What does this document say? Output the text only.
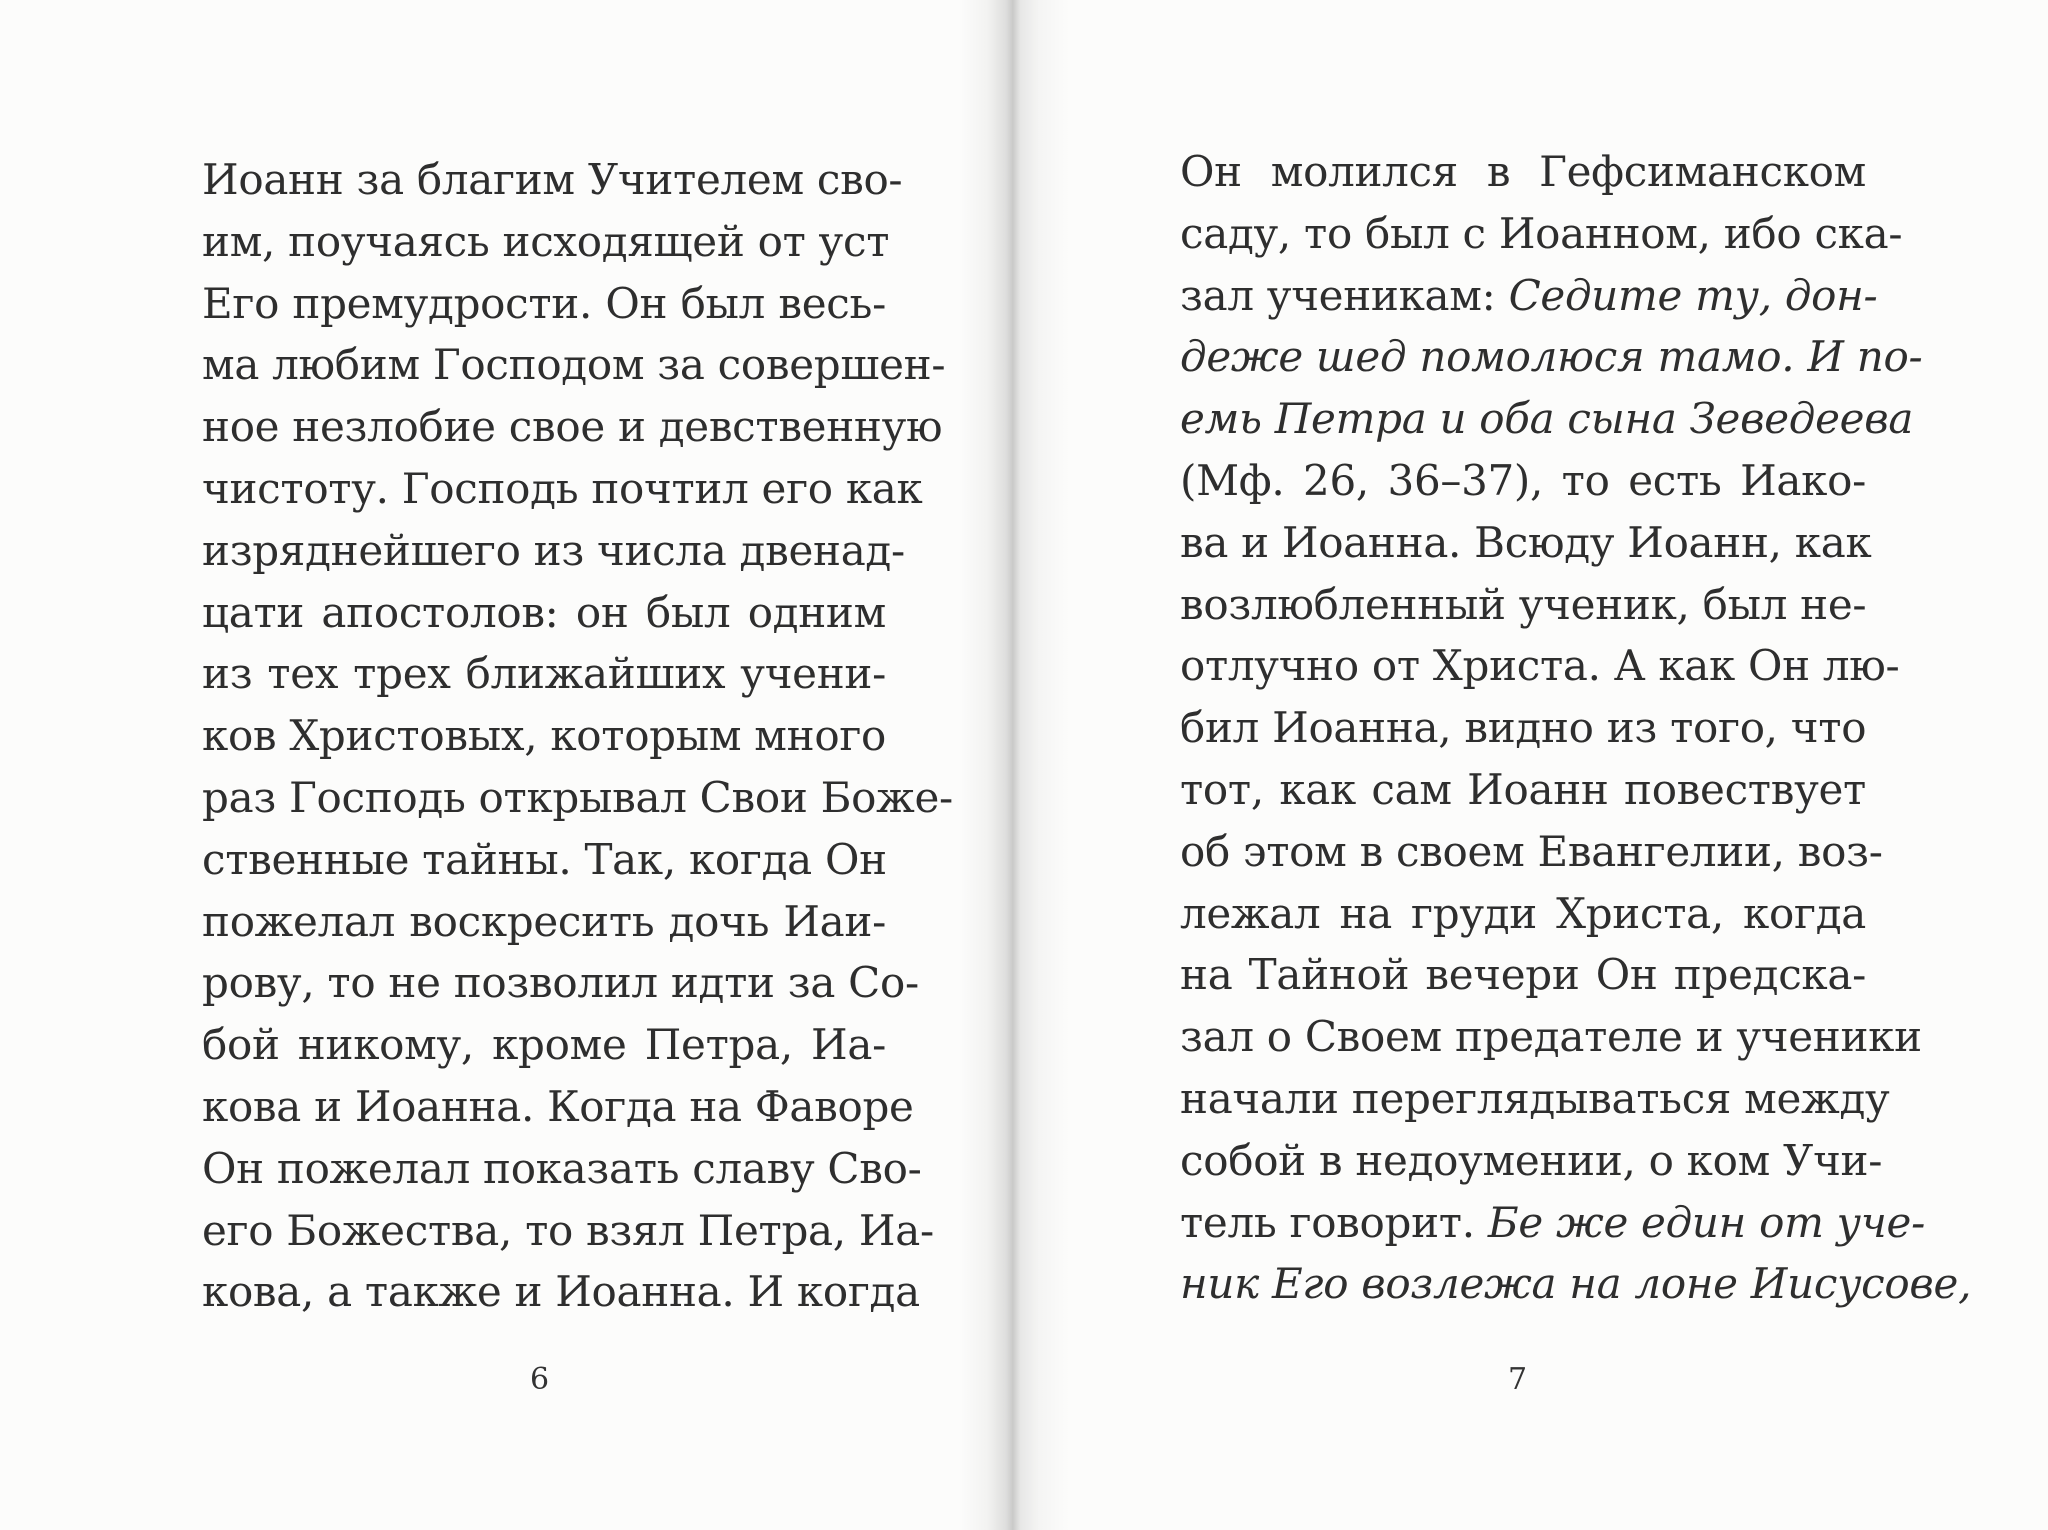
Иоанн за благим Учителем сво-
им, поучаясь исходящей от уст
Его премудрости. Он был весь-
ма любим Господом за совершен-
ное незлобие свое и девственную
чистоту. Господь почтил его как
изряднейшего из числа двенад-
цати апостолов: он был одним
из тех трех ближайших учени-
ков Христовых, которым много
раз Господь открывал Свои Боже-
ственные тайны. Так, когда Он
пожелал воскресить дочь Иаи-
рову, то не позволил идти за Со-
бой никому, кроме Петра, Иа-
кова и Иоанна. Когда на Фаворе
Он пожелал показать славу Сво-
его Божества, то взял Петра, Иа-
кова, а также и Иоанна. И когда
6
Он молился в Гефсиманском
саду, то был с Иоанном, ибо ска-
зал ученикам: Седите ту, дон-
деже шед помолюся тамо. И по-
емь Петра и оба сына Зеведеева
(Мф. 26, 36–37), то есть Иако-
ва и Иоанна. Всюду Иоанн, как
возлюбленный ученик, был не-
отлучно от Христа. А как Он лю-
бил Иоанна, видно из того, что
тот, как сам Иоанн повествует
об этом в своем Евангелии, воз-
лежал на груди Христа, когда
на Тайной вечери Он предска-
зал о Своем предателе и ученики
начали переглядываться между
собой в недоумении, о ком Учи-
тель говорит. Бе же един от уче-
ник Его возлежа на лоне Иисусове,
7
